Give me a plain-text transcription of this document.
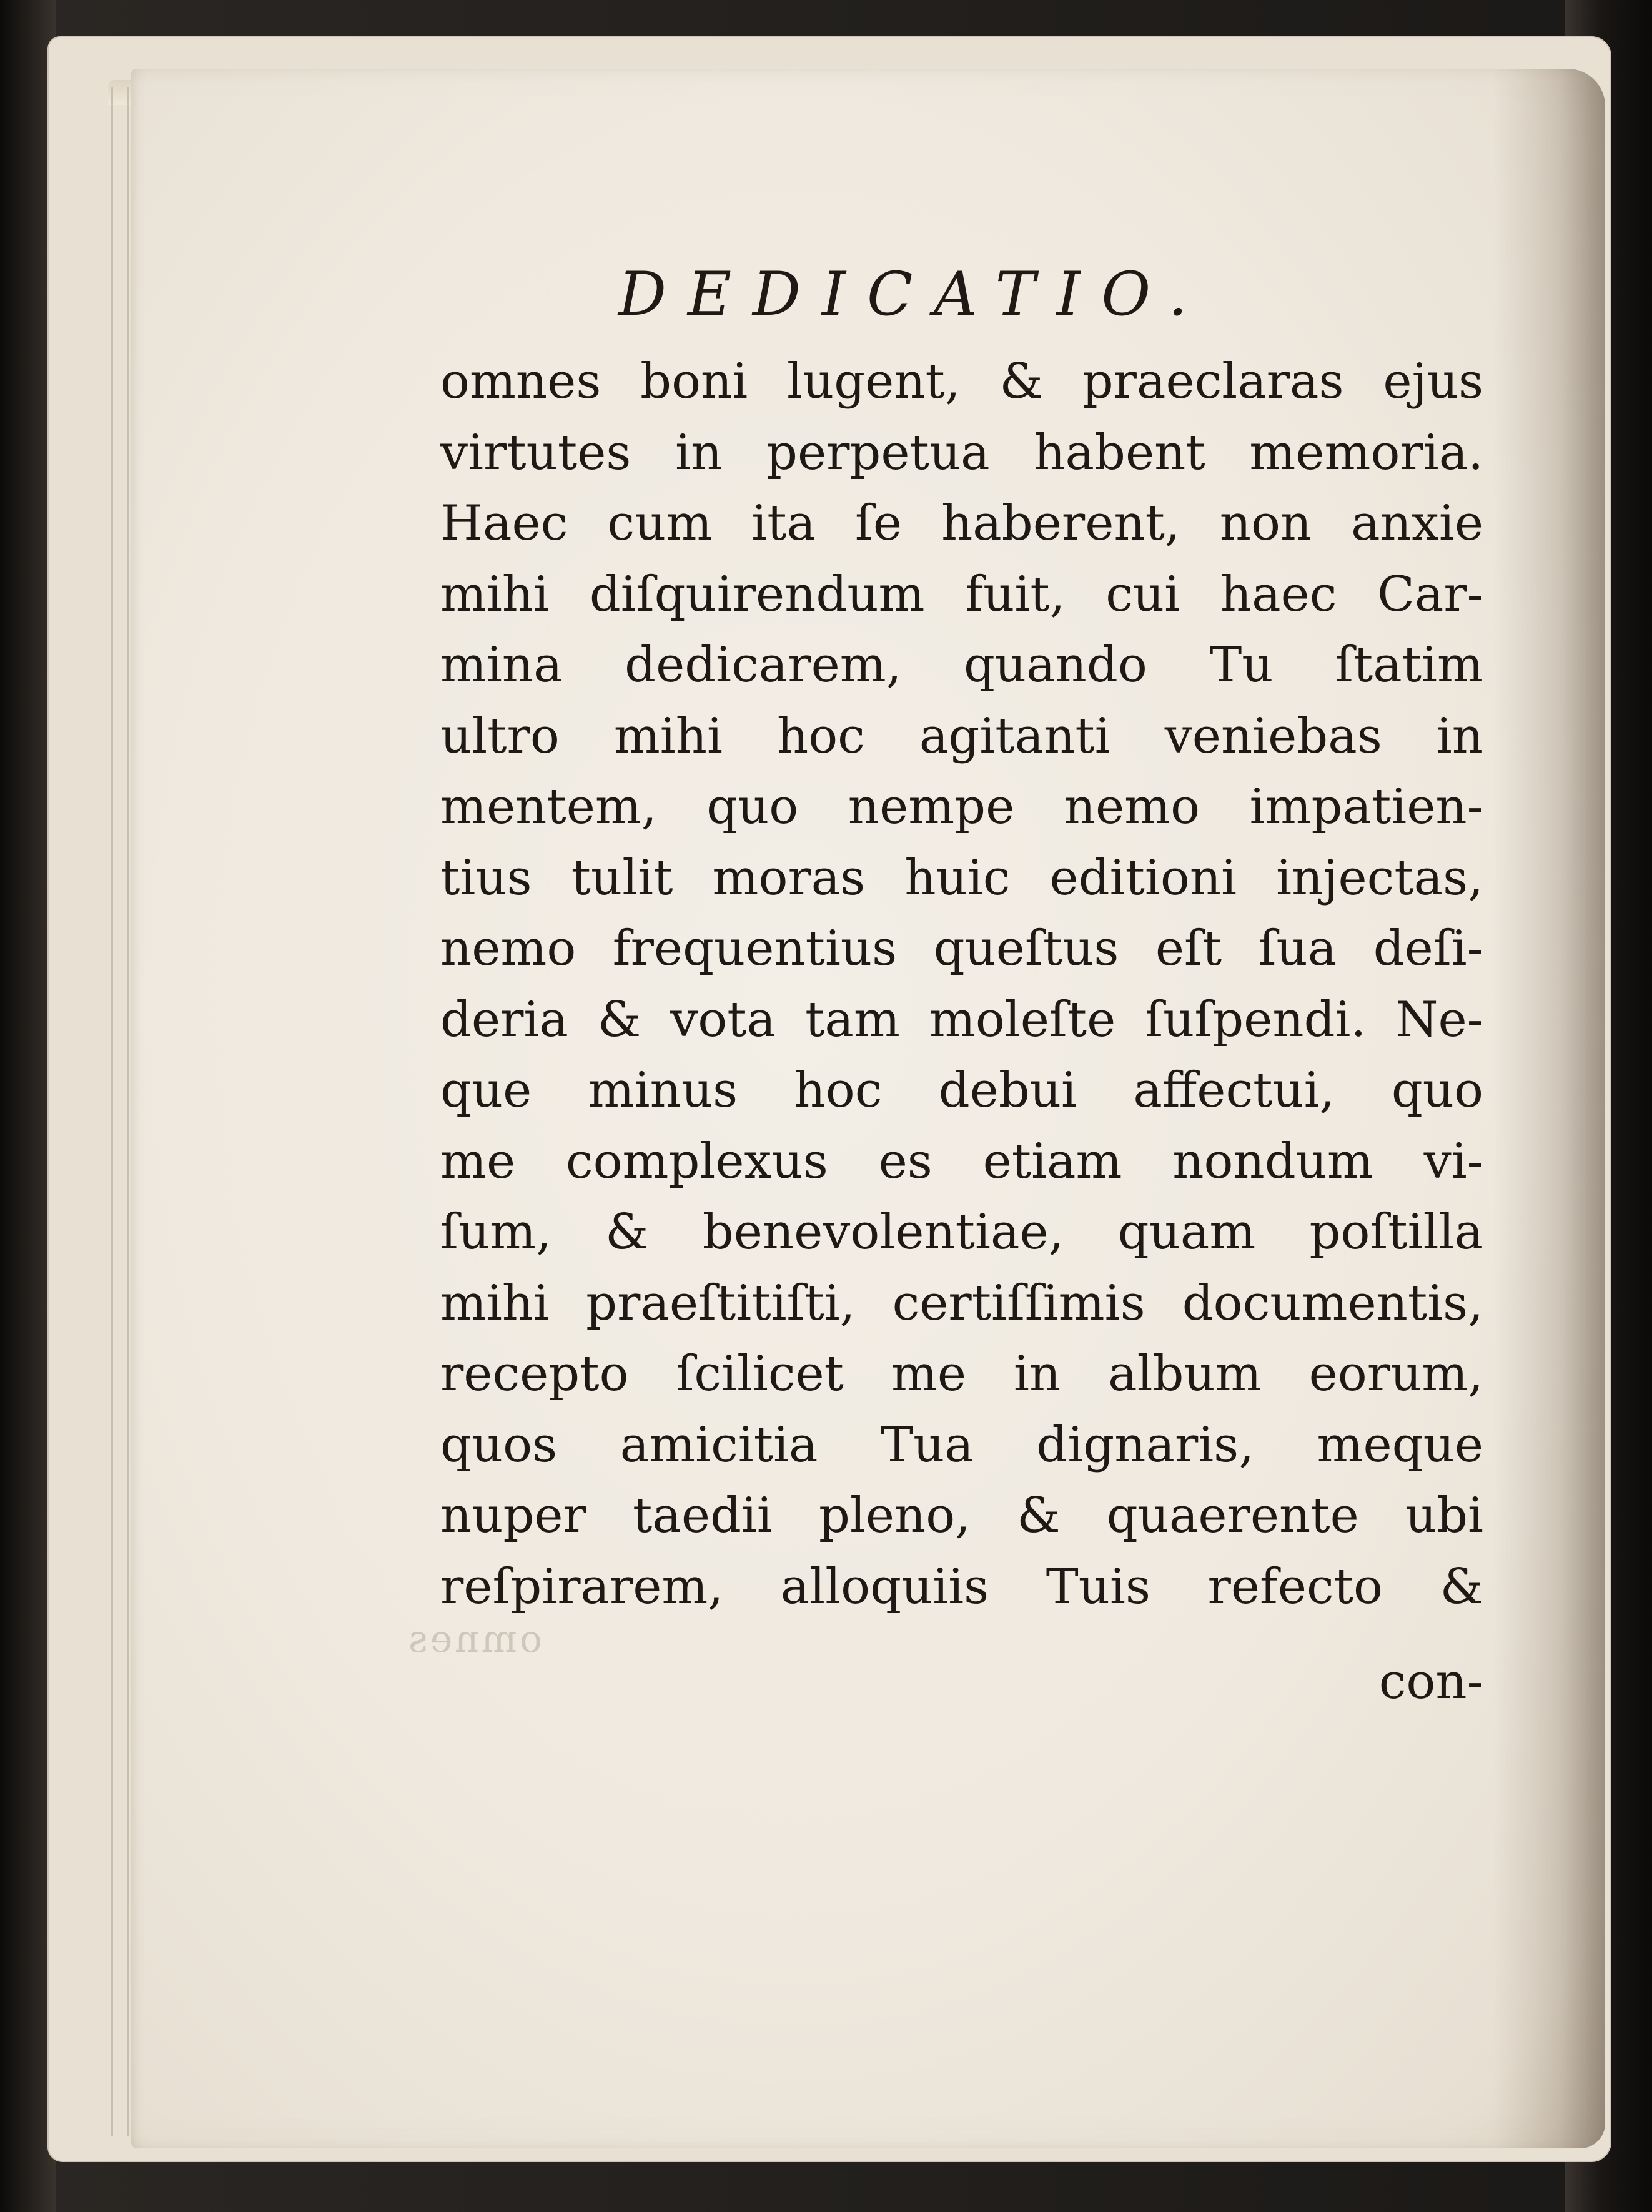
DEDICATIO.
omnes boni lugent, & praeclaras ejus
virtutes in perpetua habent memoria.
Haec cum ita ſe haberent, non anxie
mihi diſquirendum fuit, cui haec Car-
mina dedicarem, quando Tu ſtatim
ultro mihi hoc agitanti veniebas in
mentem, quo nempe nemo impatien-
tius tulit moras huic editioni injectas,
nemo frequentius queſtus eſt ſua deſi-
deria & vota tam moleſte ſuſpendi. Ne-
que minus hoc debui affectui, quo
me complexus es etiam nondum vi-
ſum, & benevolentiae, quam poſtilla
mihi praeſtitiſti, certiſſimis documentis,
recepto ſcilicet me in album eorum,
quos amicitia Tua dignaris, meque
nuper taedii pleno, & quaerente ubi
reſpirarem, alloquiis Tuis refecto &
omnes

con-
